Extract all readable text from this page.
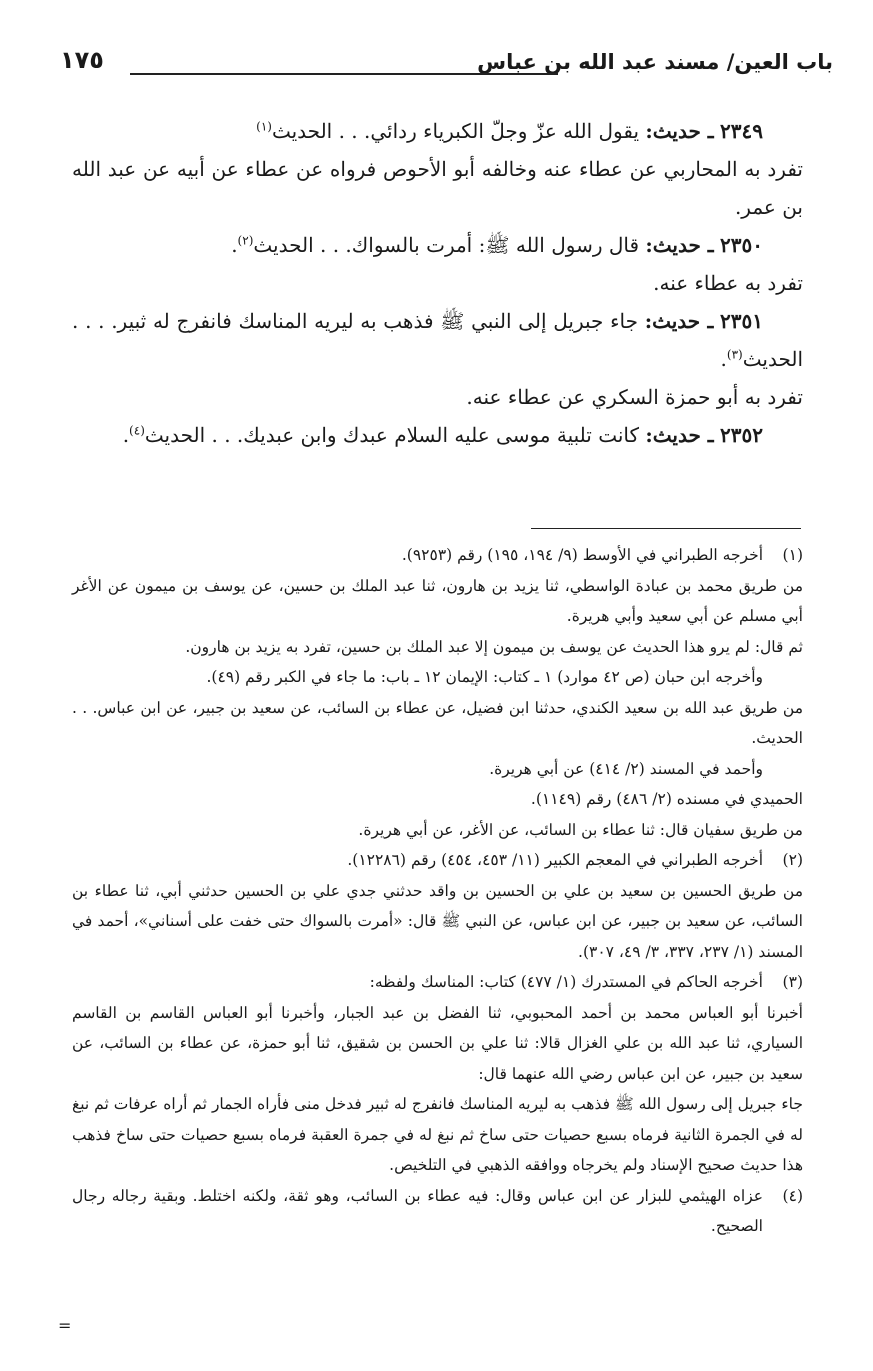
باب العين/ مسند عبد الله بن عباس
١٧٥
٢٣٤٩ ـ حديث: يقول الله عزّ وجلّ الكبرياء ردائي. . . الحديث$^{(١)}$
تفرد به المحاربي عن عطاء عنه وخالفه أبو الأحوص فرواه عن عطاء عن أبيه عن عبد الله بن عمر.
٢٣٥٠ ـ حديث: قال رسول الله ﷺ: أمرت بالسواك. . . الحديث$^{(٢)}$.
تفرد به عطاء عنه.
٢٣٥١ ـ حديث: جاء جبريل إلى النبي ﷺ فذهب به ليريه المناسك فانفرج له ثبير. . . . الحديث$^{(٣)}$.
تفرد به أبو حمزة السكري عن عطاء عنه.
٢٣٥٢ ـ حديث: كانت تلبية موسى عليه السلام عبدك وابن عبديك. . . الحديث$^{(٤)}$.
(١)
أخرجه الطبراني في الأوسط (٩/ ١٩٤، ١٩٥) رقم (٩٢٥٣).
من طريق محمد بن عبادة الواسطي، ثنا يزيد بن هارون، ثنا عبد الملك بن حسين، عن يوسف بن ميمون عن الأغر أبي مسلم عن أبي سعيد وأبي هريرة.
ثم قال: لم يرو هذا الحديث عن يوسف بن ميمون إلا عبد الملك بن حسين، تفرد به يزيد بن هارون.
وأخرجه ابن حبان (ص ٤٢ موارد) ١ ـ كتاب: الإيمان ١٢ ـ باب: ما جاء في الكبر رقم (٤٩).
من طريق عبد الله بن سعيد الكندي، حدثنا ابن فضيل، عن عطاء بن السائب، عن سعيد بن جبير، عن ابن عباس. . . الحديث.
وأحمد في المسند (٢/ ٤١٤) عن أبي هريرة.
الحميدي في مسنده (٢/ ٤٨٦) رقم (١١٤٩).
من طريق سفيان قال: ثنا عطاء بن السائب، عن الأغر، عن أبي هريرة.
(٢)
أخرجه الطبراني في المعجم الكبير (١١/ ٤٥٣، ٤٥٤) رقم (١٢٢٨٦).
من طريق الحسين بن سعيد بن علي بن الحسين بن واقد حدثني جدي علي بن الحسين حدثني أبي، ثنا عطاء بن السائب، عن سعيد بن جبير، عن ابن عباس، عن النبي ﷺ قال: «أمرت بالسواك حتى خفت على أسناني»، أحمد في المسند (١/ ٢٣٧، ٣٣٧، ٣/ ٤٩، ٣٠٧).
(٣)
أخرجه الحاكم في المستدرك (١/ ٤٧٧) كتاب: المناسك ولفظه:
أخبرنا أبو العباس محمد بن أحمد المحبوبي، ثنا الفضل بن عبد الجبار، وأخبرنا أبو العباس القاسم بن القاسم السياري، ثنا عبد الله بن علي الغزال قالا: ثنا علي بن الحسن بن شقيق، ثنا أبو حمزة، عن عطاء بن السائب، عن سعيد بن جبير، عن ابن عباس رضي الله عنهما قال:
جاء جبريل إلى رسول الله ﷺ فذهب به ليريه المناسك فانفرج له ثبير فدخل منى فأراه الجمار ثم أراه عرفات ثم نبغ له في الجمرة الثانية فرماه بسبع حصيات حتى ساخ ثم نبغ له في جمرة العقبة فرماه بسبع حصيات حتى ساخ فذهب هذا حديث صحيح الإسناد ولم يخرجاه ووافقه الذهبي في التلخيص.
(٤)
عزاه الهيثمي للبزار عن ابن عباس وقال: فيه عطاء بن السائب، وهو ثقة، ولكنه اختلط. وبقية رجاله رجال الصحيح.
=
